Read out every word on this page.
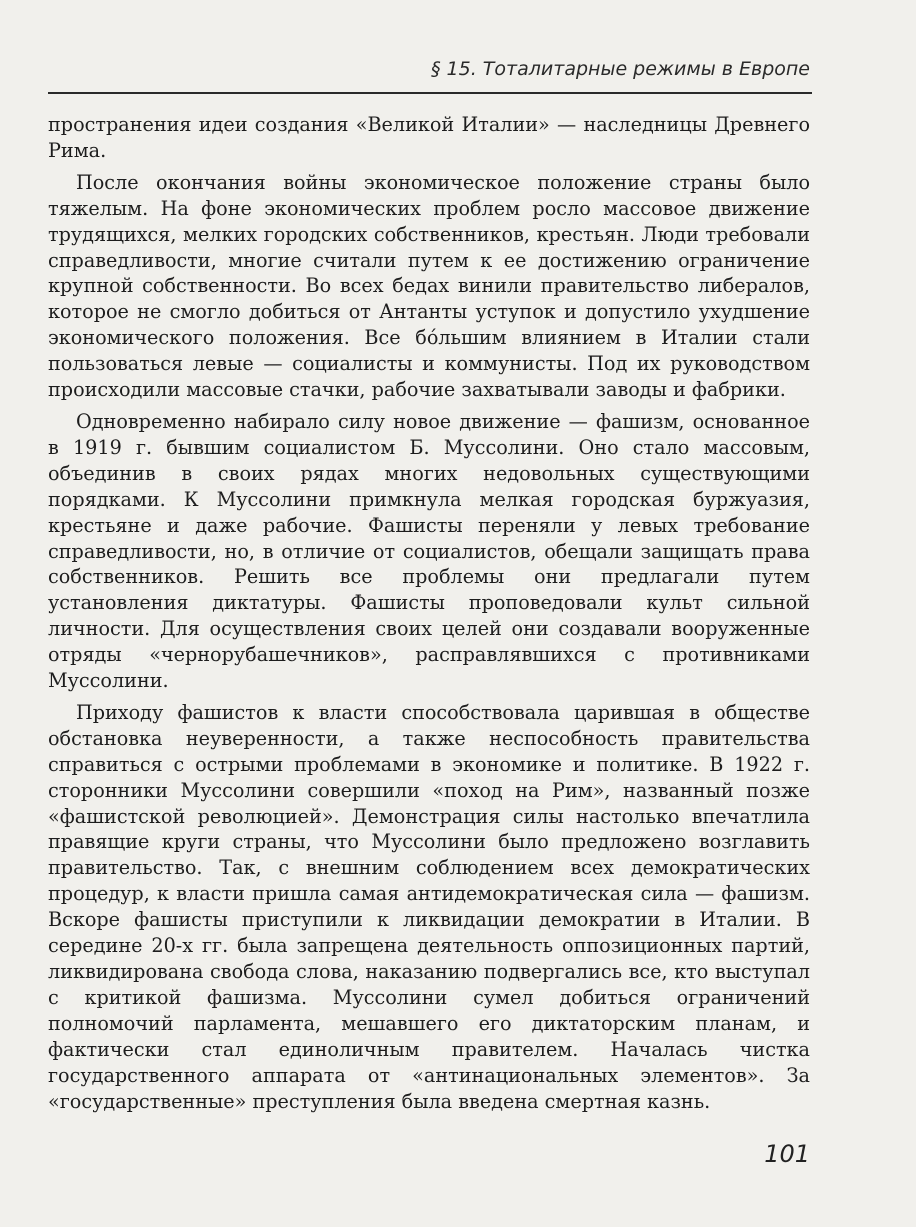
§ 15. Тоталитарные режимы в Европе

пространения идеи создания «Великой Италии» — наследницы Древнего Рима.

После окончания войны экономическое положение страны было тяжелым. На фоне экономических проблем росло массовое движение трудящихся, мелких городских собственников, крестьян. Люди требовали справедливости, многие считали путем к ее достижению ограничение крупной собственности. Во всех бедах винили правительство либералов, которое не смогло добиться от Антанты уступок и допустило ухудшение экономического положения. Все бо́льшим влиянием в Италии стали пользоваться левые — социалисты и коммунисты. Под их руководством происходили массовые стачки, рабочие захватывали заводы и фабрики.

Одновременно набирало силу новое движение — фашизм, основанное в 1919 г. бывшим социалистом Б. Муссолини. Оно стало массовым, объединив в своих рядах многих недовольных существующими порядками. К Муссолини примкнула мелкая городская буржуазия, крестьяне и даже рабочие. Фашисты переняли у левых требование справедливости, но, в отличие от социалистов, обещали защищать права собственников. Решить все проблемы они предлагали путем установления диктатуры. Фашисты проповедовали культ сильной личности. Для осуществления своих целей они создавали вооруженные отряды «чернорубашечников», расправлявшихся с противниками Муссолини.

Приходу фашистов к власти способствовала царившая в обществе обстановка неуверенности, а также неспособность правительства справиться с острыми проблемами в экономике и политике. В 1922 г. сторонники Муссолини совершили «поход на Рим», названный позже «фашистской революцией». Демонстрация силы настолько впечатлила правящие круги страны, что Муссолини было предложено возглавить правительство. Так, с внешним соблюдением всех демократических процедур, к власти пришла самая антидемократическая сила — фашизм. Вскоре фашисты приступили к ликвидации демократии в Италии. В середине 20-х гг. была запрещена деятельность оппозиционных партий, ликвидирована свобода слова, наказанию подвергались все, кто выступал с критикой фашизма. Муссолини сумел добиться ограничений полномочий парламента, мешавшего его диктаторским планам, и фактически стал единоличным правителем. Началась чистка государственного аппарата от «антинациональных элементов». За «государственные» преступления была введена смертная казнь.

101
